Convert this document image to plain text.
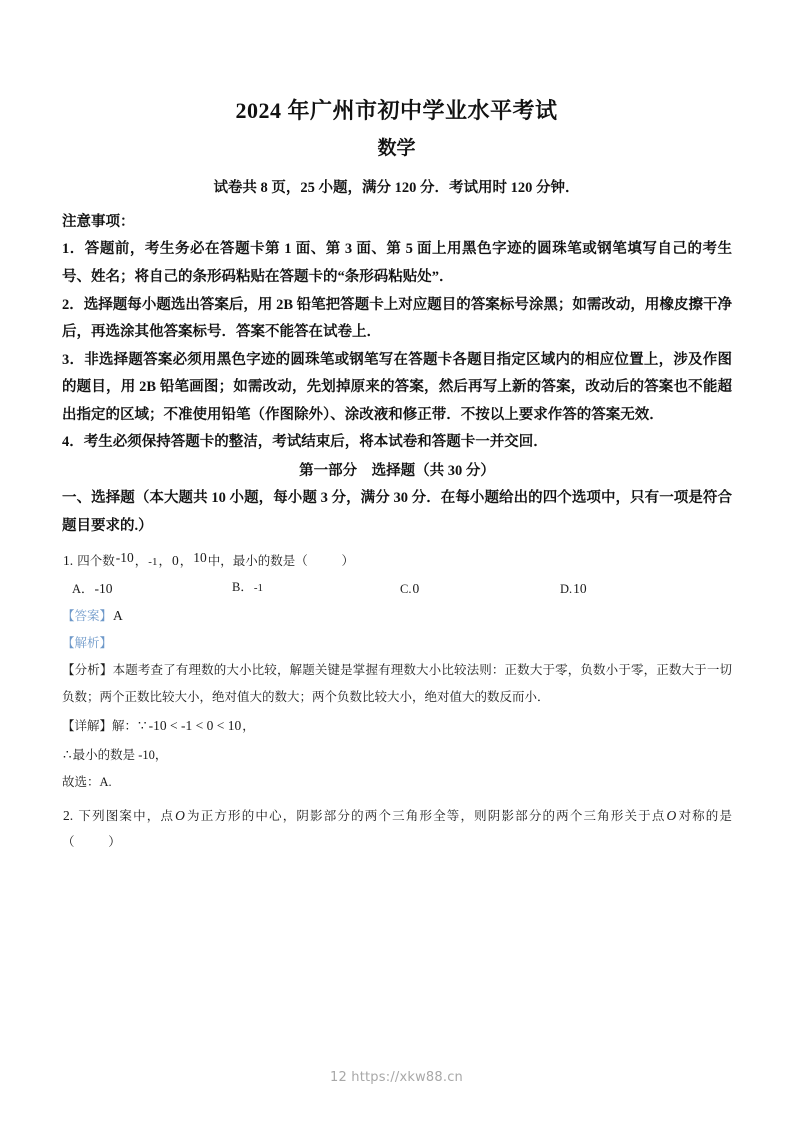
2024 年广州市初中学业水平考试
数学
试卷共 8 页，25 小题，满分 120 分．考试用时 120 分钟．

注意事项：

1．答题前，考生务必在答题卡第 1 面、第 3 面、第 5 面上用黑色字迹的圆珠笔或钢笔填写自己的考生号、姓名；将自己的条形码粘贴在答题卡的“条形码粘贴处”．

2．选择题每小题选出答案后，用 2B 铅笔把答题卡上对应题目的答案标号涂黑；如需改动，用橡皮擦干净后，再选涂其他答案标号．答案不能答在试卷上．

3．非选择题答案必须用黑色字迹的圆珠笔或钢笔写在答题卡各题目指定区域内的相应位置上，涉及作图的题目，用 2B 铅笔画图；如需改动，先划掉原来的答案，然后再写上新的答案，改动后的答案也不能超出指定的区域；不准使用铅笔（作图除外）、涂改液和修正带．不按以上要求作答的答案无效．

4．考生必须保持答题卡的整洁，考试结束后，将本试卷和答题卡一并交回．

第一部分　选择题（共 30 分）

一、选择题（本大题共 10 小题，每小题 3 分，满分 30 分．在每小题给出的四个选项中，只有一项是符合题目要求的.）

1. 四个数-10，-1，0，10中，最小的数是（　　	）

A．-10	B．-1	C.0	D.10

【答案】A

【解析】

【分析】本题考查了有理数的大小比较，解题关键是掌握有理数大小比较法则：正数大于零，负数小于零，正数大于一切负数；两个正数比较大小，绝对值大的数大；两个负数比较大小，绝对值大的数反而小．

【详解】解：∵ -10 < -1 < 0 < 10，

∴最小的数是 -10，

故选：A.

2. 下列图案中，点O为正方形的中心，阴影部分的两个三角形全等，则阴影部分的两个三角形关于点O对称的是（　　	）

12 https://xkw88.cn
